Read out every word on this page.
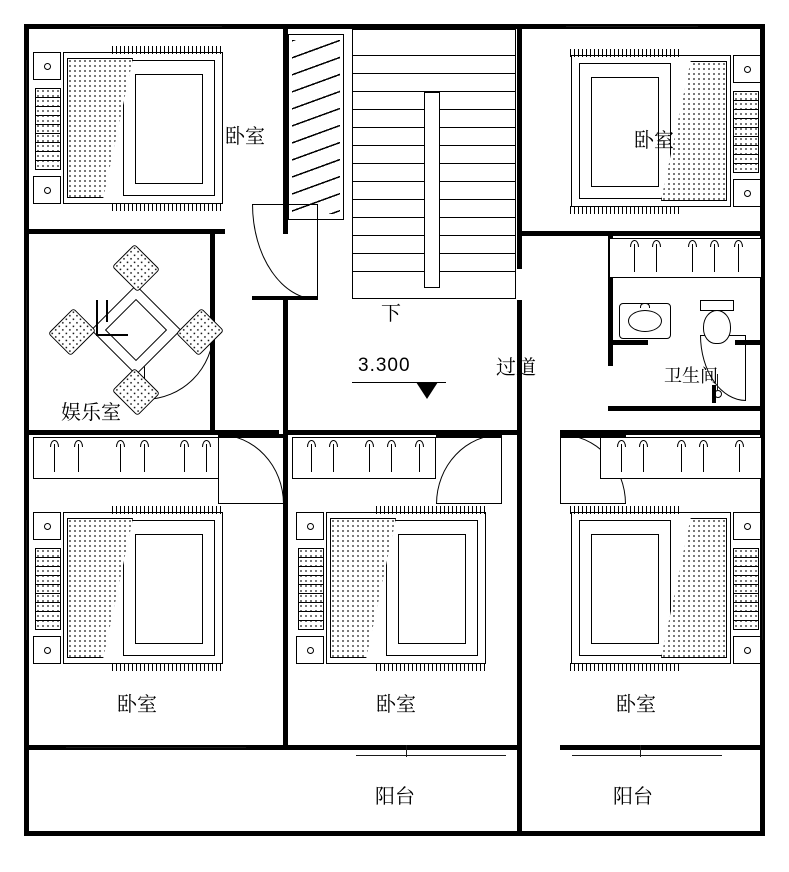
下
卧室	卧室
卫生间
过道
3.300
娱乐室
卧室	卧室	卧室
阳台	阳台
